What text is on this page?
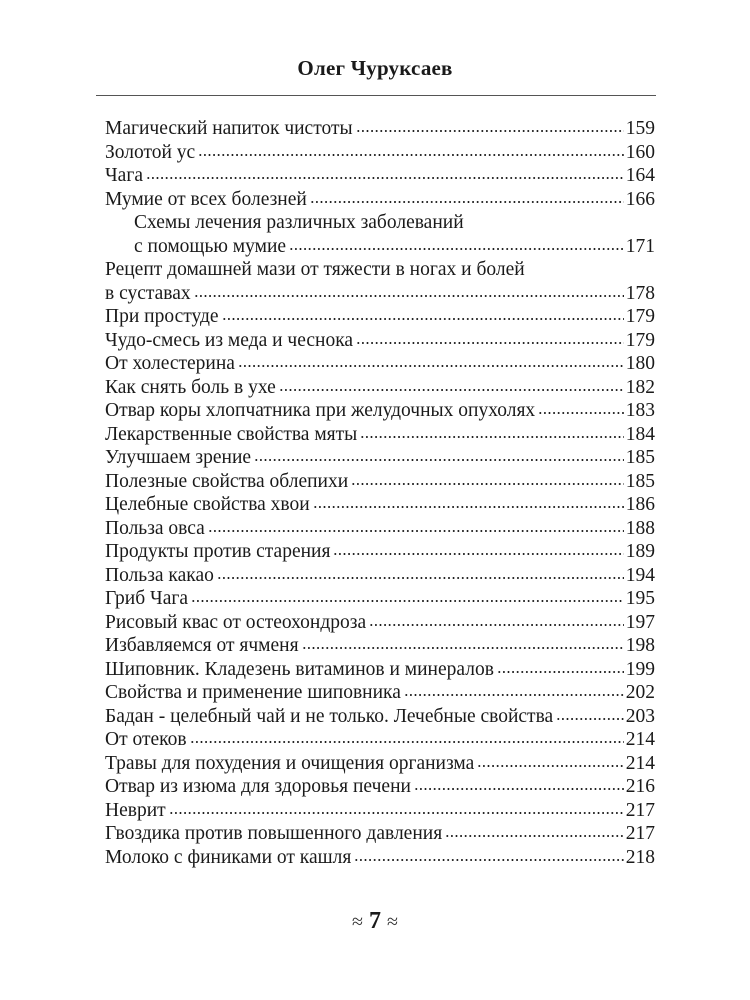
Олег Чуруксаев
Магический напиток чистоты	159
Золотой ус	160
Чага	164
Мумие от всех болезней	166
Схемы лечения различных заболеваний
с помощью мумие	171
Рецепт домашней мази от тяжести в ногах и болей
в суставах	178
При простуде	179
Чудо-смесь из меда и чеснока	179
От холестерина	180
Как снять боль в ухе	182
Отвар коры хлопчатника при желудочных опухолях	183
Лекарственные свойства мяты	184
Улучшаем зрение	185
Полезные свойства облепихи	185
Целебные свойства хвои	186
Польза овса	188
Продукты против старения	189
Польза какао	194
Гриб Чага	195
Рисовый квас от остеохондроза	197
Избавляемся от ячменя	198
Шиповник. Кладезень витаминов и минералов	199
Свойства и применение шиповника	202
Бадан - целебный чай и не только. Лечебные свойства	203
От отеков	214
Травы для похудения и очищения организма	214
Отвар из изюма для здоровья печени	216
Неврит	217
Гвоздика против повышенного давления	217
Молоко с финиками от кашля	218
≈ 7 ≈
